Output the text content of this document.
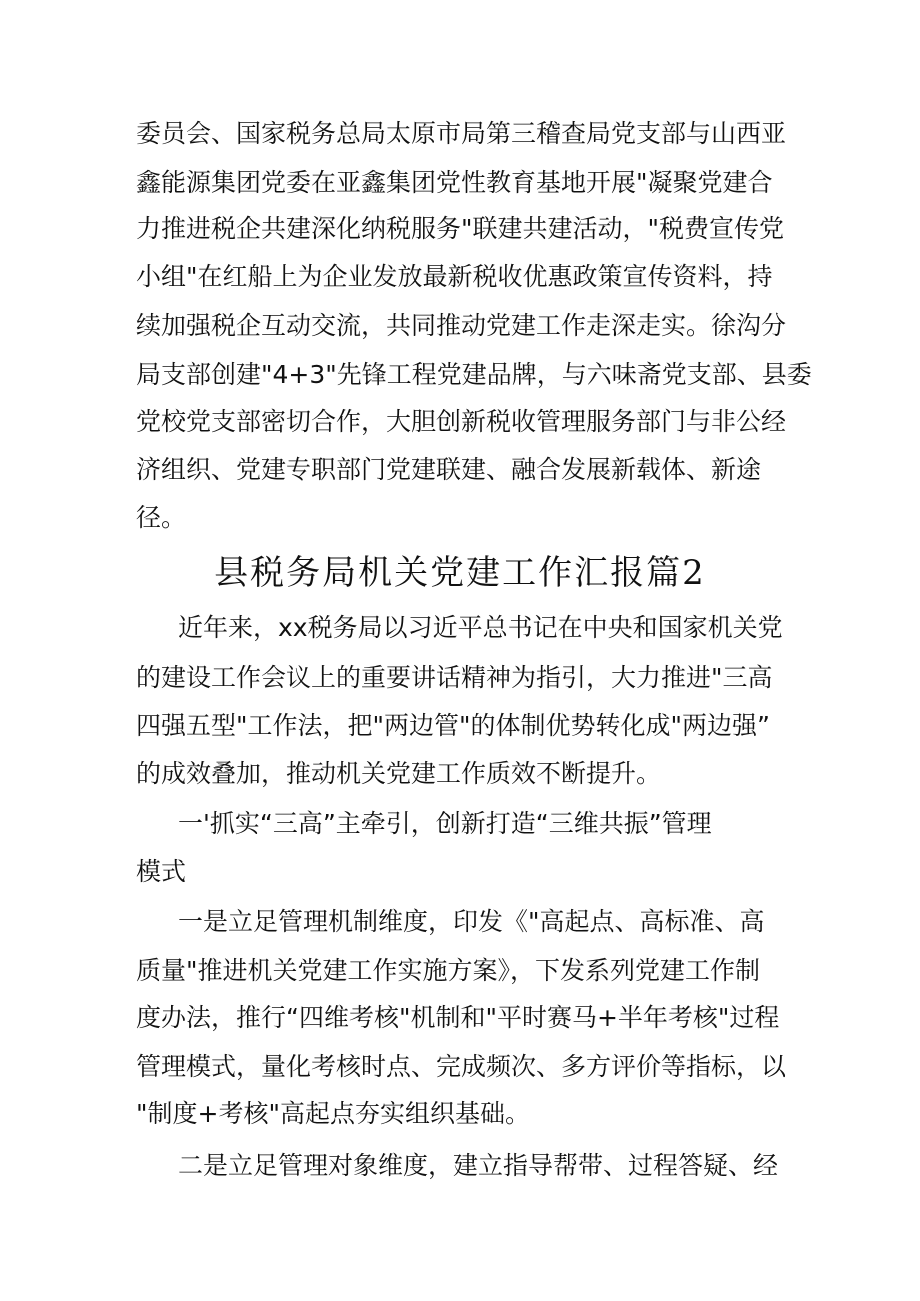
委员会、国家税务总局太原市局第三稽查局党支部与山西亚
鑫能源集团党委在亚鑫集团党性教育基地开展"凝聚党建合
力推进税企共建深化纳税服务"联建共建活动，"税费宣传党
小组"在红船上为企业发放最新税收优惠政策宣传资料，持
续加强税企互动交流，共同推动党建工作走深走实。徐沟分
局支部创建"4+3"先锋工程党建品牌，与六味斋党支部、县委
党校党支部密切合作，大胆创新税收管理服务部门与非公经
济组织、党建专职部门党建联建、融合发展新载体、新途
径。
县税务局机关党建工作汇报篇2
近年来，xx税务局以习近平总书记在中央和国家机关党
的建设工作会议上的重要讲话精神为指引，大力推进"三高
四强五型"工作法，把"两边管"的体制优势转化成"两边强”
的成效叠加，推动机关党建工作质效不断提升。
一'抓实“三高”主牵引，创新打造“三维共振”管理
模式
一是立足管理机制维度，印发《"高起点、高标准、高
质量"推进机关党建工作实施方案》，下发系列党建工作制
度办法，推行“四维考核"机制和"平时赛马+半年考核"过程
管理模式，量化考核时点、完成频次、多方评价等指标，以
"制度+考核"高起点夯实组织基础。
二是立足管理对象维度，建立指导帮带、过程答疑、经
